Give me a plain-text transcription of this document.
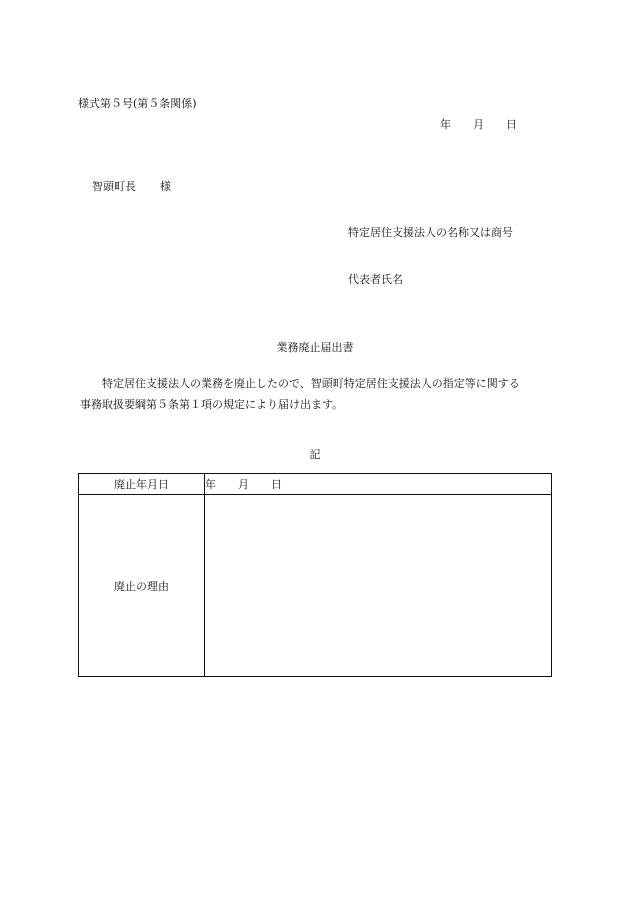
様式第５号(第５条関係)
年 月 日
智頭町長 様
特定居住支援法人の名称又は商号
代表者氏名
業務廃止届出書
特定居住支援法人の業務を廃止したので、智頭町特定居住支援法人の指定等に関する
事務取扱要綱第５条第１項の規定により届け出ます。
記
廃止年月日	年 月 日
廃止の理由	
